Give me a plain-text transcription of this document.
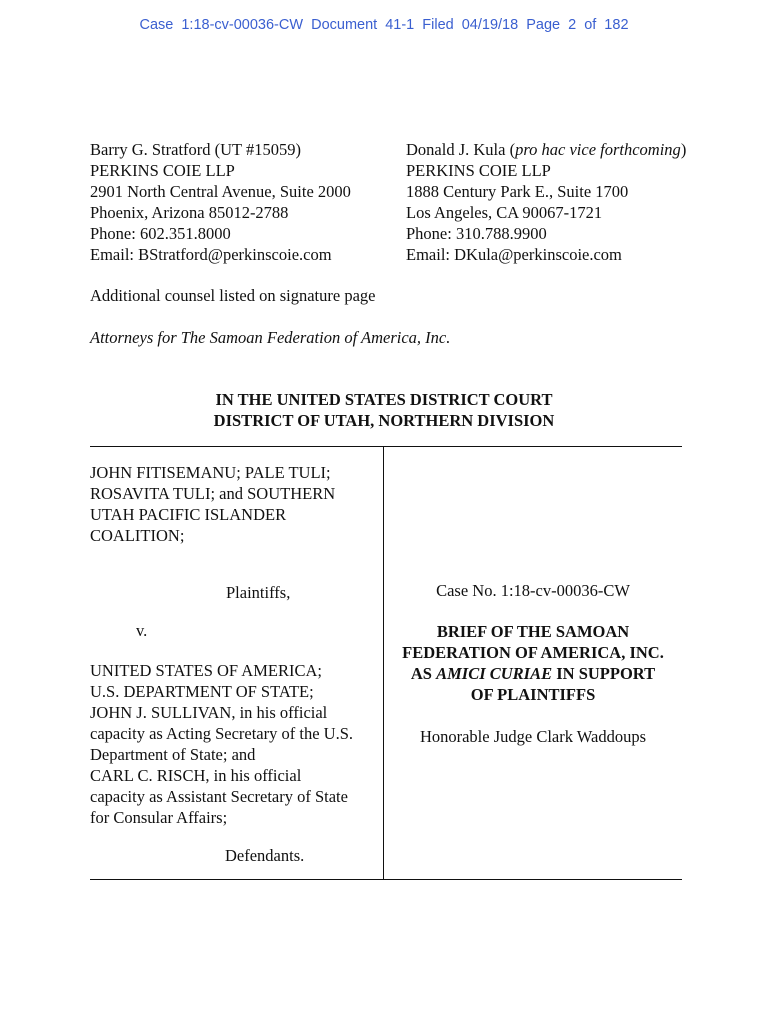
Case 1:18-cv-00036-CW Document 41-1 Filed 04/19/18 Page 2 of 182
Barry G. Stratford (UT #15059)
PERKINS COIE LLP
2901 North Central Avenue, Suite 2000
Phoenix, Arizona 85012-2788
Phone: 602.351.8000
Email: BStratford@perkinscoie.com
Donald J. Kula (pro hac vice forthcoming)
PERKINS COIE LLP
1888 Century Park E., Suite 1700
Los Angeles, CA 90067-1721
Phone: 310.788.9900
Email: DKula@perkinscoie.com
Additional counsel listed on signature page
Attorneys for The Samoan Federation of America, Inc.
IN THE UNITED STATES DISTRICT COURT
DISTRICT OF UTAH, NORTHERN DIVISION
JOHN FITISEMANU; PALE TULI;
ROSAVITA TULI; and SOUTHERN
UTAH PACIFIC ISLANDER
COALITION;
Plaintiffs,
v.
UNITED STATES OF AMERICA;
U.S. DEPARTMENT OF STATE;
JOHN J. SULLIVAN, in his official
capacity as Acting Secretary of the U.S.
Department of State; and
CARL C. RISCH, in his official
capacity as Assistant Secretary of State
for Consular Affairs;
Defendants.
Case No. 1:18-cv-00036-CW
BRIEF OF THE SAMOAN
FEDERATION OF AMERICA, INC.
AS AMICI CURIAE IN SUPPORT
OF PLAINTIFFS
Honorable Judge Clark Waddoups
